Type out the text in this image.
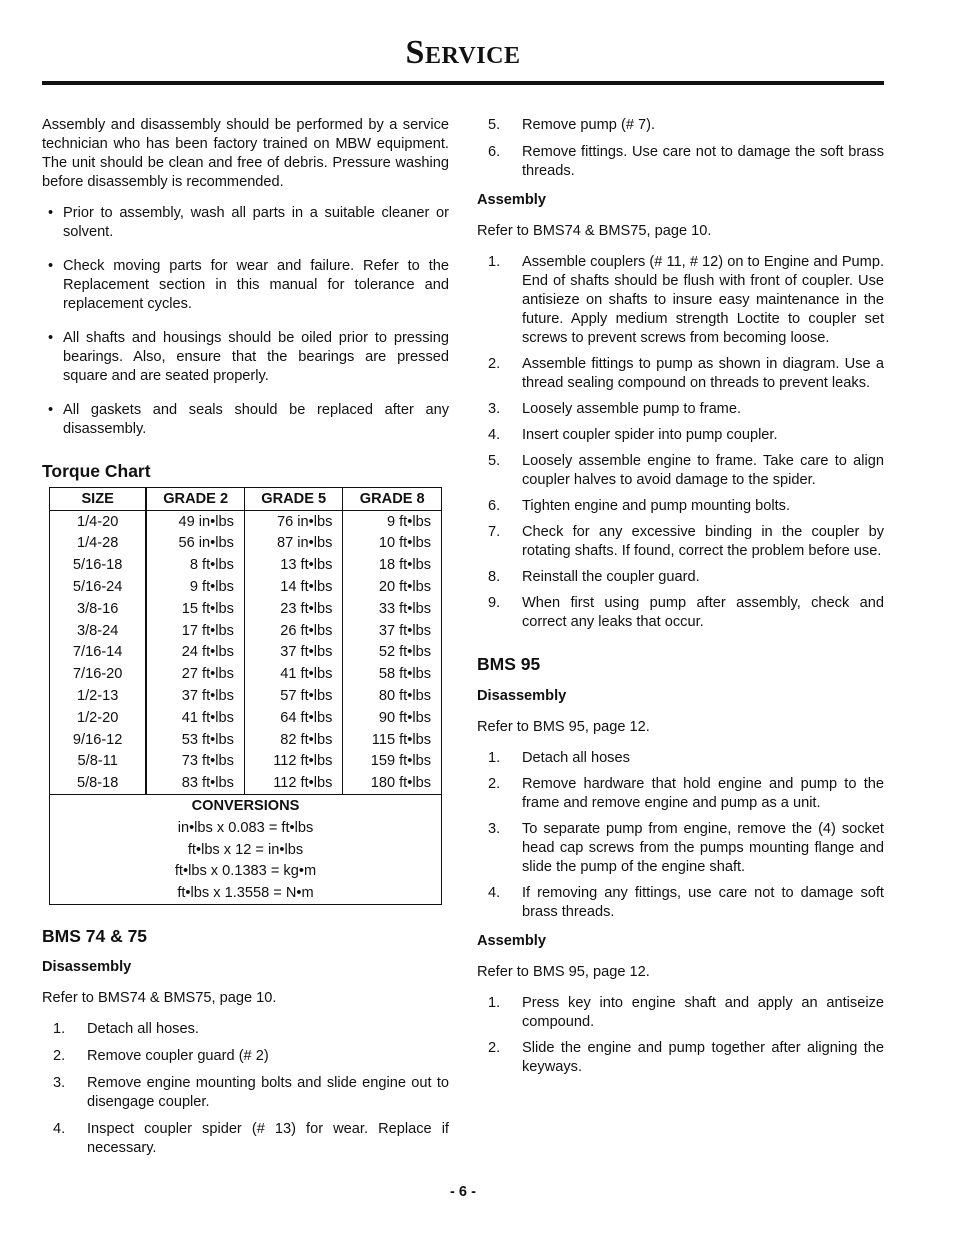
Service

Assembly and disassembly should be performed by a service technician who has been factory trained on MBW equipment. The unit should be clean and free of debris. Pressure washing before disassembly is recommended.

• Prior to assembly, wash all parts in a suitable cleaner or solvent.
• Check moving parts for wear and failure. Refer to the Replacement section in this manual for tolerance and replacement cycles.
• All shafts and housings should be oiled prior to pressing bearings. Also, ensure that the bearings are pressed square and are seated properly.
• All gaskets and seals should be replaced after any disassembly.
Torque Chart
SIZE	GRADE 2	GRADE 5	GRADE 8
1/4-20	49 in•lbs	76 in•lbs	9 ft•lbs
1/4-28	56 in•lbs	87 in•lbs	10 ft•lbs
5/16-18	8 ft•lbs	13 ft•lbs	18 ft•lbs
5/16-24	9 ft•lbs	14 ft•lbs	20 ft•lbs
3/8-16	15 ft•lbs	23 ft•lbs	33 ft•lbs
3/8-24	17 ft•lbs	26 ft•lbs	37 ft•lbs
7/16-14	24 ft•lbs	37 ft•lbs	52 ft•lbs
7/16-20	27 ft•lbs	41 ft•lbs	58 ft•lbs
1/2-13	37 ft•lbs	57 ft•lbs	80 ft•lbs
1/2-20	41 ft•lbs	64 ft•lbs	90 ft•lbs
9/16-12	53 ft•lbs	82 ft•lbs	115 ft•lbs
5/8-11	73 ft•lbs	112 ft•lbs	159 ft•lbs
5/8-18	83 ft•lbs	112 ft•lbs	180 ft•lbs
CONVERSIONS			
in•lbs x 0.083 = ft•lbs			
ft•lbs x 12 = in•lbs			
ft•lbs x 0.1383 = kg•m			
ft•lbs x 1.3558 = N•m			
BMS 74 & 75
Disassembly

Refer to BMS74 & BMS75, page 10.

1. Detach all hoses.
2. Remove coupler guard (# 2)
3. Remove engine mounting bolts and slide engine out to disengage coupler.
4. Inspect coupler spider (# 13) for wear. Replace if necessary.
5. Remove pump (# 7).
6. Remove fittings. Use care not to damage the soft brass threads.
Assembly

Refer to BMS74 & BMS75, page 10.

1. Assemble couplers (# 11, # 12) on to Engine and Pump. End of shafts should be flush with front of coupler. Use antisieze on shafts to insure easy maintenance in the future. Apply medium strength Loctite to coupler set screws to prevent screws from becoming loose.
2. Assemble fittings to pump as shown in diagram. Use a thread sealing compound on threads to prevent leaks.
3. Loosely assemble pump to frame.
4. Insert coupler spider into pump coupler.
5. Loosely assemble engine to frame. Take care to align coupler halves to avoid damage to the spider.
6. Tighten engine and pump mounting bolts.
7. Check for any excessive binding in the coupler by rotating shafts. If found, correct the problem before use.
8. Reinstall the coupler guard.
9. When first using pump after assembly, check and correct any leaks that occur.
BMS 95
Disassembly

Refer to BMS 95, page 12.

1. Detach all hoses
2. Remove hardware that hold engine and pump to the frame and remove engine and pump as a unit.
3. To separate pump from engine, remove the (4) socket head cap screws from the pumps mounting flange and slide the pump of the engine shaft.
4. If removing any fittings, use care not to damage soft brass threads.
Assembly

Refer to BMS 95, page 12.

1. Press key into engine shaft and apply an antiseize compound.
2. Slide the engine and pump together after aligning the keyways.
- 6 -
